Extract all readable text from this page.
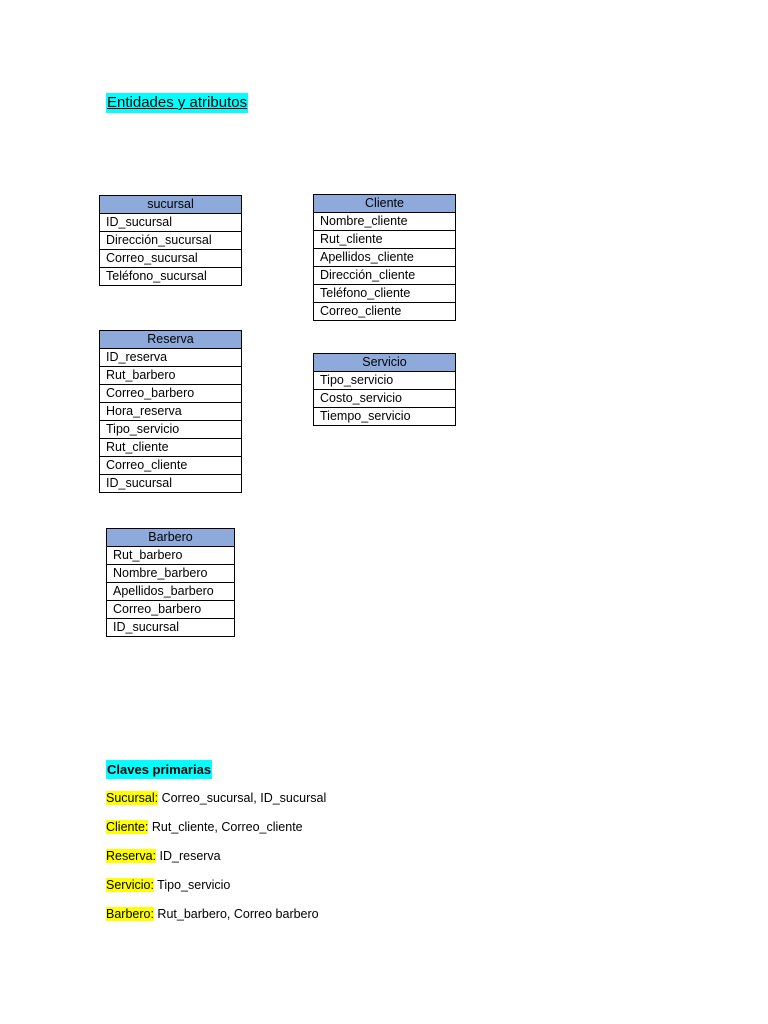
Entidades y atributos
sucursal
ID_sucursal
Dirección_sucursal
Correo_sucursal
Teléfono_sucursal
Cliente
Nombre_cliente
Rut_cliente
Apellidos_cliente
Dirección_cliente
Teléfono_cliente
Correo_cliente
Reserva
ID_reserva
Rut_barbero
Correo_barbero
Hora_reserva
Tipo_servicio
Rut_cliente
Correo_cliente
ID_sucursal
Servicio
Tipo_servicio
Costo_servicio
Tiempo_servicio
Barbero
Rut_barbero
Nombre_barbero
Apellidos_barbero
Correo_barbero
ID_sucursal
Claves primarias
Sucursal: Correo_sucursal, ID_sucursal
Cliente: Rut_cliente, Correo_cliente
Reserva: ID_reserva
Servicio: Tipo_servicio
Barbero: Rut_barbero, Correo barbero
